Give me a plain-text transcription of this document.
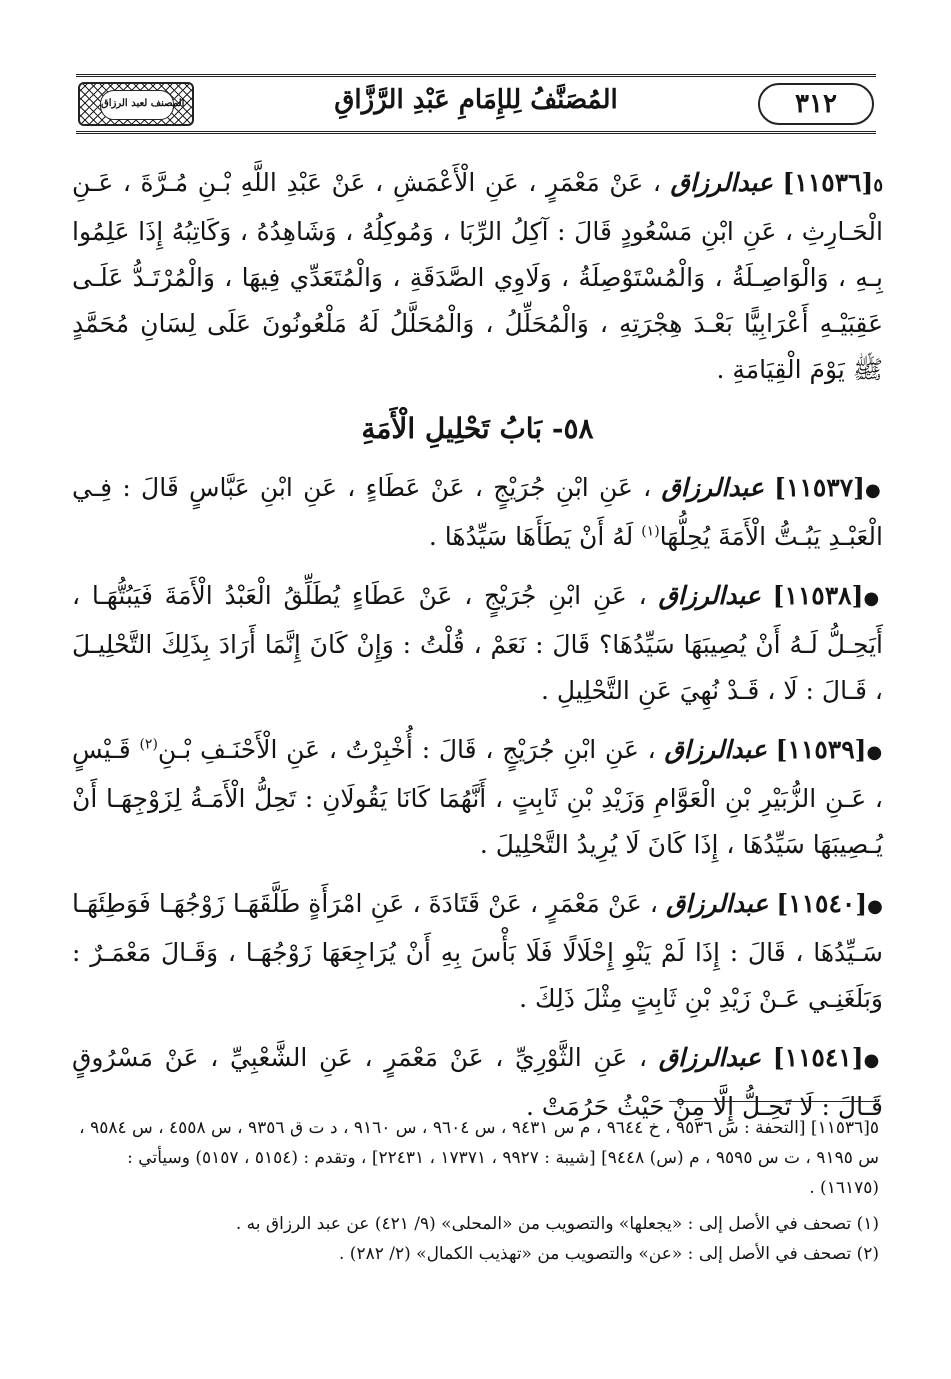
المصنف لعبد الرزاق	المُصَنَّفُ لِلإِمَامِ عَبْدِ الرَّزَّاقِ	٣١٢

٥[١١٥٣٦] عبدالرزاق ، عَنْ مَعْمَرٍ ، عَنِ الْأَعْمَشِ ، عَنْ عَبْدِ اللَّهِ بْـنِ مُـرَّةَ ، عَـنِ الْحَـارِثِ ، عَنِ ابْنِ مَسْعُودٍ قَالَ : آكِلُ الرِّبَا ، وَمُوكِلُهُ ، وَشَاهِدُهُ ، وَكَاتِبُهُ إِذَا عَلِمُوا بِـهِ ، وَالْوَاصِـلَةُ ، وَالْمُسْتَوْصِلَةُ ، وَلَاوِي الصَّدَقَةِ ، وَالْمُتَعَدِّي فِيهَا ، وَالْمُرْتَـدُّ عَلَـى عَقِبَيْـهِ أَعْرَابِيًّا بَعْـدَ هِجْرَتِهِ ، وَالْمُحَلِّلُ ، وَالْمُحَلَّلُ لَهُ مَلْعُونُونَ عَلَى لِسَانِ مُحَمَّدٍ ﷺ يَوْمَ الْقِيَامَةِ .

٥٨- بَابُ تَحْلِيلِ الْأَمَةِ

●[١١٥٣٧] عبدالرزاق ، عَنِ ابْنِ جُرَيْجٍ ، عَنْ عَطَاءٍ ، عَنِ ابْنِ عَبَّاسٍ قَالَ : فِـي الْعَبْـدِ يَبُـتُّ الْأَمَةَ يُحِلُّهَا$^{(١)}$ لَهُ أَنْ يَطَأَهَا سَيِّدُهَا .

●[١١٥٣٨] عبدالرزاق ، عَنِ ابْنِ جُرَيْجٍ ، عَنْ عَطَاءٍ يُطَلِّقُ الْعَبْدُ الْأَمَةَ فَيَبُتُّهَـا ، أَيَحِـلُّ لَـهُ أَنْ يُصِيبَهَا سَيِّدُهَا؟ قَالَ : نَعَمْ ، قُلْتُ : وَإِنْ كَانَ إِنَّمَا أَرَادَ بِذَلِكَ التَّحْلِيـلَ ، قَـالَ : لَا ، قَـدْ نُهِيَ عَنِ التَّحْلِيلِ .

●[١١٥٣٩] عبدالرزاق ، عَنِ ابْنِ جُرَيْجٍ ، قَالَ : أُخْبِرْتُ ، عَنِ الْأَحْنَـفِ بْـنِ$^{(٢)}$ قَـيْسٍ ، عَـنِ الزُّبَيْرِ بْنِ الْعَوَّامِ وَزَيْدِ بْنِ ثَابِتٍ ، أَنَّهُمَا كَانَا يَقُولَانِ : تَحِلُّ الْأَمَـةُ لِزَوْجِهَـا أَنْ يُـصِيبَهَا سَيِّدُهَا ، إِذَا كَانَ لَا يُرِيدُ التَّحْلِيلَ .

●[١١٥٤٠] عبدالرزاق ، عَنْ مَعْمَرٍ ، عَنْ قَتَادَةَ ، عَنِ امْرَأَةٍ طَلَّقَهَـا زَوْجُهَـا فَوَطِئَهَـا سَـيِّدُهَا ، قَالَ : إِذَا لَمْ يَنْوِ إِحْلَالًا فَلَا بَأْسَ بِهِ أَنْ يُرَاجِعَهَا زَوْجُهَـا ، وَقَـالَ مَعْمَـرٌ : وَبَلَغَنِـي عَـنْ زَيْدِ بْنِ ثَابِتٍ مِثْلَ ذَلِكَ .

●[١١٥٤١] عبدالرزاق ، عَنِ الثَّوْرِيِّ ، عَنْ مَعْمَرٍ ، عَنِ الشَّعْبِيِّ ، عَنْ مَسْرُوقٍ قَـالَ : لَا تَحِـلُّ إِلَّا مِنْ حَيْثُ حَرُمَتْ .

٥[١١٥٣٦] [التحفة : س ٩٥٣٦ ، خ ٩٦٤٤ ، م س ٩٤٣١ ، س ٩٦٠٤ ، س ٩١٦٠ ، د ت ق ٩٣٥٦ ، س ٤٥٥٨ ، س ٩٥٨٤ ، س ٩١٩٥ ، ت س ٩٥٩٥ ، م (س) ٩٤٤٨] [شيبة : ٩٩٢٧ ، ١٧٣٧١ ، ٢٢٤٣١] ، وتقدم : (٥١٥٤ ، ٥١٥٧) وسيأتي : (١٦١٧٥) .

(١) تصحف في الأصل إلى : «يجعلها» والتصويب من «المحلى» (٩/ ٤٢١) عن عبد الرزاق به .

(٢) تصحف في الأصل إلى : «عن» والتصويب من «تهذيب الكمال» (٢/ ٢٨٢) .
